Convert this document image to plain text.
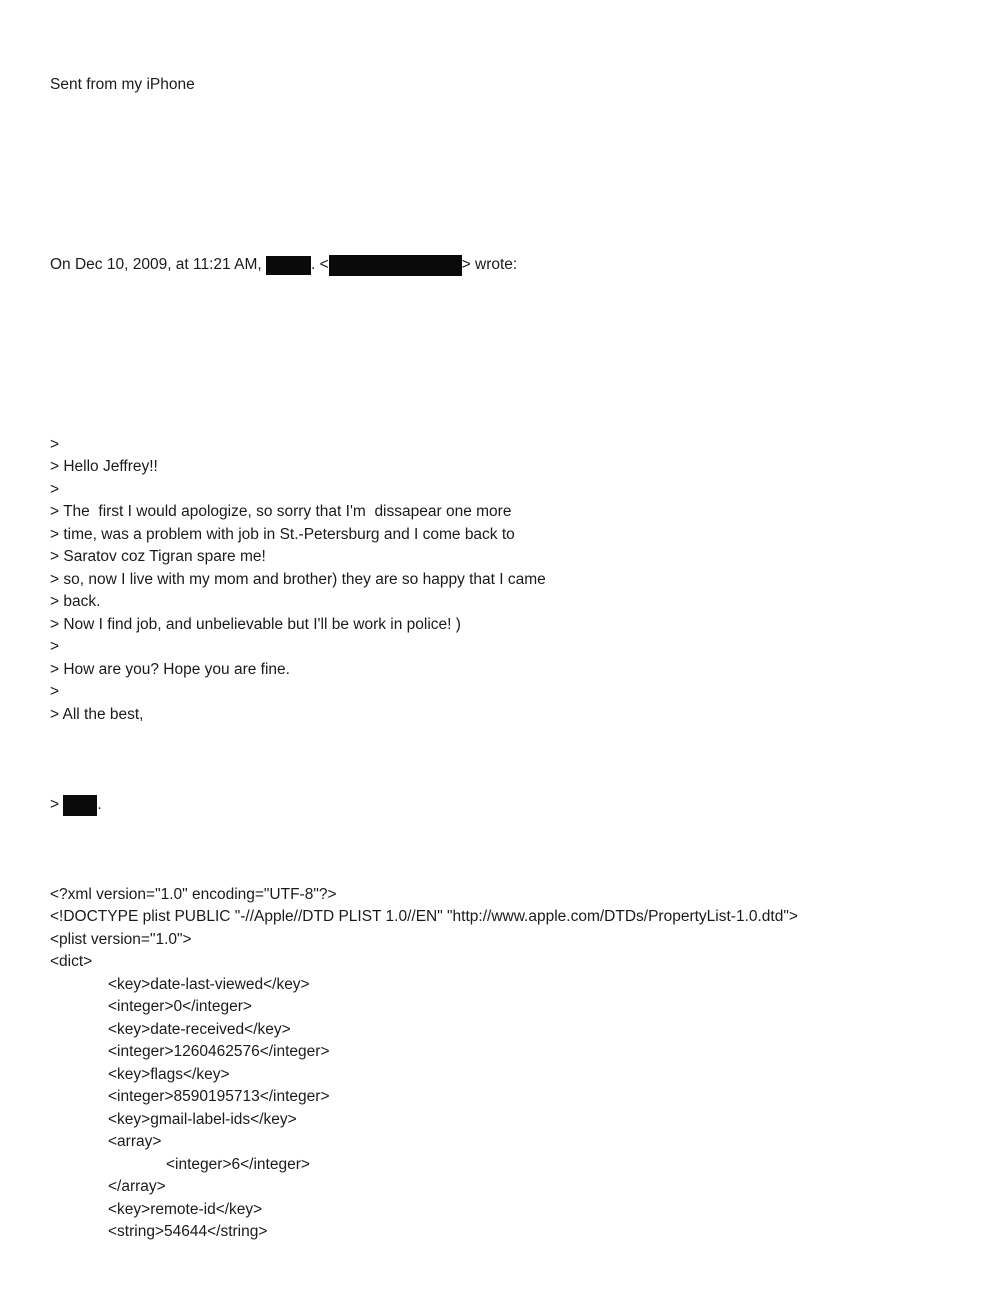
Sent from my iPhone

On Dec 10, 2009, at 11:21 AM,	. <	> wrote:

>
> Hello Jeffrey!!
>
> The  first I would apologize, so sorry that I'm  dissapear one more
> time, was a problem with job in St.-Petersburg and I come back to
> Saratov coz Tigran spare me!
> so, now I live with my mom and brother) they are so happy that I came
> back.
> Now I find job, and unbelievable but I'll be work in police! )
>
> How are you? Hope you are fine.
>
> All the best,

> .

<?xml version="1.0" encoding="UTF-8"?>
<!DOCTYPE plist PUBLIC "-//Apple//DTD PLIST 1.0//EN" "http://www.apple.com/DTDs/PropertyList-1.0.dtd">
<plist version="1.0">
<dict>
<key>date-last-viewed</key>
<integer>0</integer>
<key>date-received</key>
<integer>1260462576</integer>
<key>flags</key>
<integer>8590195713</integer>
<key>gmail-label-ids</key>
<array>
<integer>6</integer>
</array>
<key>remote-id</key>
<string>54644</string>
